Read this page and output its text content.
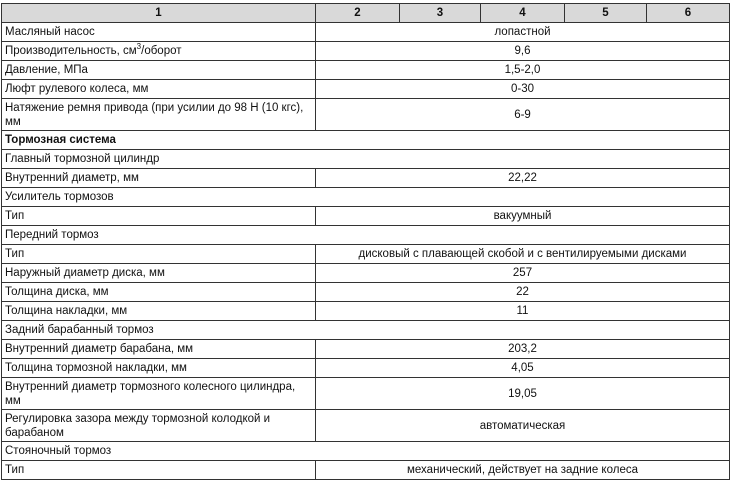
1	2	3	4	5	6
Масляный насос	лопастной				
Производительность, $см^3$/оборот	9,6				
Давление, МПа	1,5-2,0				
Люфт рулевого колеса, мм	0-30				
Натяжение ремня привода (при усилии до 98 Н (10 кгс), мм	6-9				
Тормозная система					
Главный тормозной цилиндр					
Внутренний диаметр, мм	22,22				
Усилитель тормозов					
Тип	вакуумный				
Передний тормоз					
Тип	дисковый с плавающей скобой и с вентилируемыми дисками				
Наружный диаметр диска, мм	257				
Толщина диска, мм	22				
Толщина накладки, мм	11				
Задний барабанный тормоз					
Внутренний диаметр барабана, мм	203,2				
Толщина тормозной накладки, мм	4,05				
Внутренний диаметр тормозного колесного цилиндра, мм	19,05				
Регулировка зазора между тормозной колодкой и барабаном	автоматическая				
Стояночный тормоз					
Тип	механический, действует на задние колеса				
